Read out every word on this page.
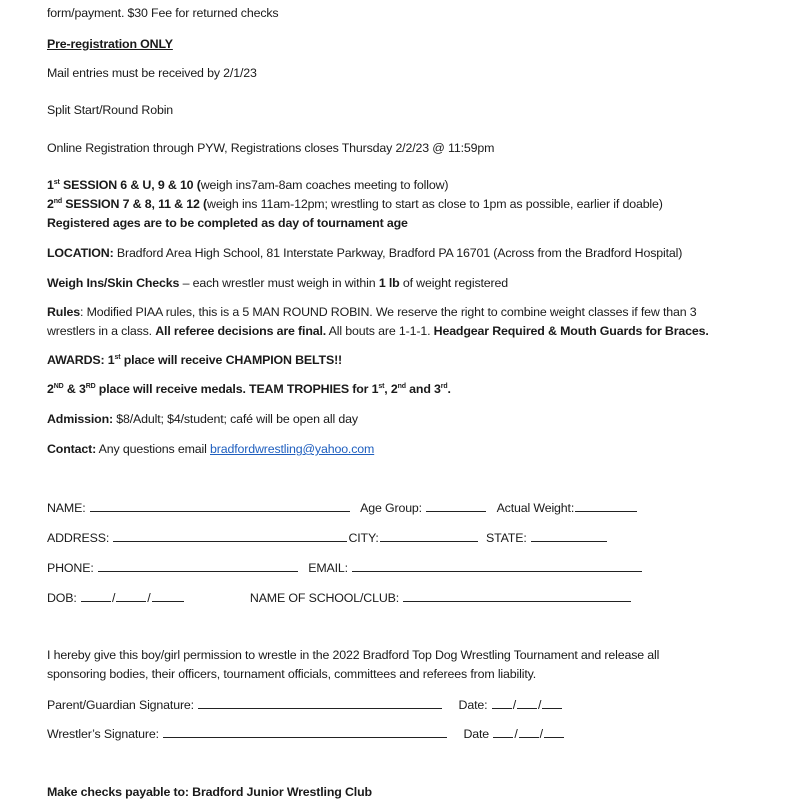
form/payment. $30 Fee for returned checks
Pre-registration ONLY
Mail entries must be received by 2/1/23
Split Start/Round Robin
Online Registration through PYW, Registrations closes Thursday 2/2/23 @ 11:59pm
1st SESSION 6 & U, 9 & 10 (weigh ins7am-8am coaches meeting to follow)
2nd SESSION 7 & 8, 11 & 12 (weigh ins 11am-12pm; wrestling to start as close to 1pm as possible, earlier if doable)
Registered ages are to be completed as day of tournament age
LOCATION: Bradford Area High School, 81 Interstate Parkway, Bradford PA 16701 (Across from the Bradford Hospital)
Weigh Ins/Skin Checks – each wrestler must weigh in within 1 lb of weight registered
Rules: Modified PIAA rules, this is a 5 MAN ROUND ROBIN. We reserve the right to combine weight classes if few than 3
wrestlers in a class. All referee decisions are final. All bouts are 1-1-1. Headgear Required & Mouth Guards for Braces.
AWARDS: 1st place will receive CHAMPION BELTS!!
2ND & 3RD place will receive medals. TEAM TROPHIES for 1st, 2nd and 3rd.
Admission: $8/Adult; $4/student; café will be open all day
Contact: Any questions email bradfordwrestling@yahoo.com
NAME:	Age Group:	Actual Weight:
ADDRESS:	CITY:	STATE:
PHONE:	EMAIL:
DOB:	/	/	NAME OF SCHOOL/CLUB:
I hereby give this boy/girl permission to wrestle in the 2022 Bradford Top Dog Wrestling Tournament and release all
sponsoring bodies, their officers, tournament officials, committees and referees from liability.
Parent/Guardian Signature:	Date: / /
Wrestler’s Signature:	Date / /
Make checks payable to: Bradford Junior Wrestling Club
